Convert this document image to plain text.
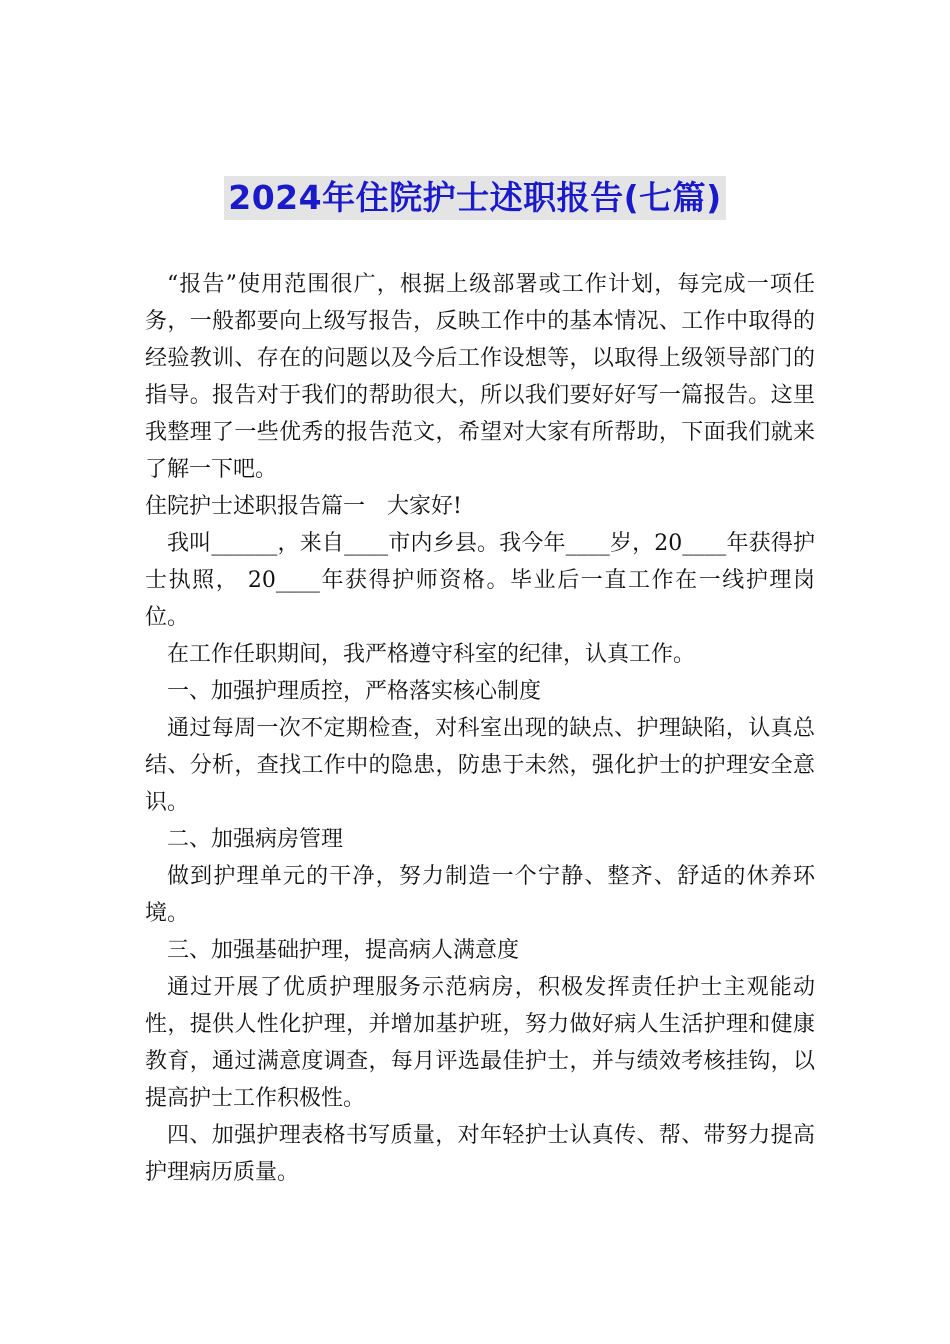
2024年住院护士述职报告(七篇)

“报告”使用范围很广，根据上级部署或工作计划，每完成一项任务，一般都要向上级写报告，反映工作中的基本情况、工作中取得的经验教训、存在的问题以及今后工作设想等，以取得上级领导部门的指导。报告对于我们的帮助很大，所以我们要好好写一篇报告。这里我整理了一些优秀的报告范文，希望对大家有所帮助，下面我们就来了解一下吧。

住院护士述职报告篇一　大家好!

我叫______，来自____市内乡县。我今年____岁，20____年获得护士执照， 20____年获得护师资格。毕业后一直工作在一线护理岗位。

在工作任职期间，我严格遵守科室的纪律，认真工作。

一、加强护理质控，严格落实核心制度

通过每周一次不定期检查，对科室出现的缺点、护理缺陷，认真总结、分析，查找工作中的隐患，防患于未然，强化护士的护理安全意识。

二、加强病房管理

做到护理单元的干净，努力制造一个宁静、整齐、舒适的休养环境。

三、加强基础护理，提高病人满意度

通过开展了优质护理服务示范病房，积极发挥责任护士主观能动性，提供人性化护理，并增加基护班，努力做好病人生活护理和健康教育，通过满意度调查，每月评选最佳护士，并与绩效考核挂钩，以提高护士工作积极性。

四、加强护理表格书写质量，对年轻护士认真传、帮、带努力提高护理病历质量。
